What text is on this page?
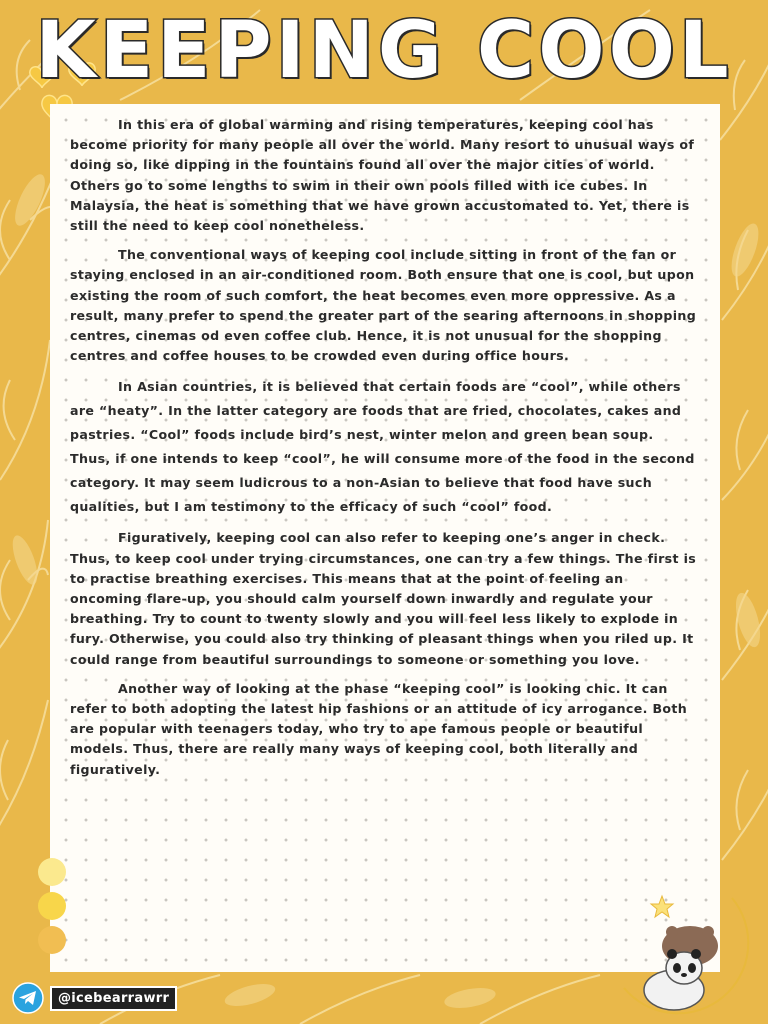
KEEPING COOL

In this era of global warming and rising temperatures, keeping cool has become priority for many people all over the world. Many resort to unusual ways of doing so, like dipping in the fountains found all over the major cities of world. Others go to some lengths to swim in their own pools filled with ice cubes. In Malaysia, the heat is something that we have grown accustomated to. Yet, there is still the need to keep cool nonetheless.

The conventional ways of keeping cool include sitting in front of the fan or staying enclosed in an air-conditioned room. Both ensure that one is cool, but upon existing the room of such comfort, the heat becomes even more oppressive. As a result, many prefer to spend the greater part of the searing afternoons in shopping centres, cinemas od even coffee club. Hence, it is not unusual for the shopping centres and coffee houses to be crowded even during office hours.

In Asian countries, it is believed that certain foods are “cool”, while others are “heaty”. In the latter category are foods that are fried, chocolates, cakes and pastries. “Cool” foods include bird’s nest, winter melon and green bean soup. Thus, if one intends to keep “cool”, he will consume more of the food in the second category. It may seem ludicrous to a non-Asian to believe that food have such qualities, but I am testimony to the efficacy of such “cool” food.

Figuratively, keeping cool can also refer to keeping one’s anger in check. Thus, to keep cool under trying circumstances, one can try a few things. The first is to practise breathing exercises. This means that at the point of feeling an oncoming flare-up, you should calm yourself down inwardly and regulate your breathing. Try to count to twenty slowly and you will feel less likely to explode in fury. Otherwise, you could also try thinking of pleasant things when you riled up. It could range from beautiful surroundings to someone or something you love.

Another way of looking at the phase “keeping cool” is looking chic. It can refer to both adopting the latest hip fashions or an attitude of icy arrogance. Both are popular with teenagers today, who try to ape famous people or beautiful models. Thus, there are really many ways of keeping cool, both literally and figuratively.

@icebearrawrr
